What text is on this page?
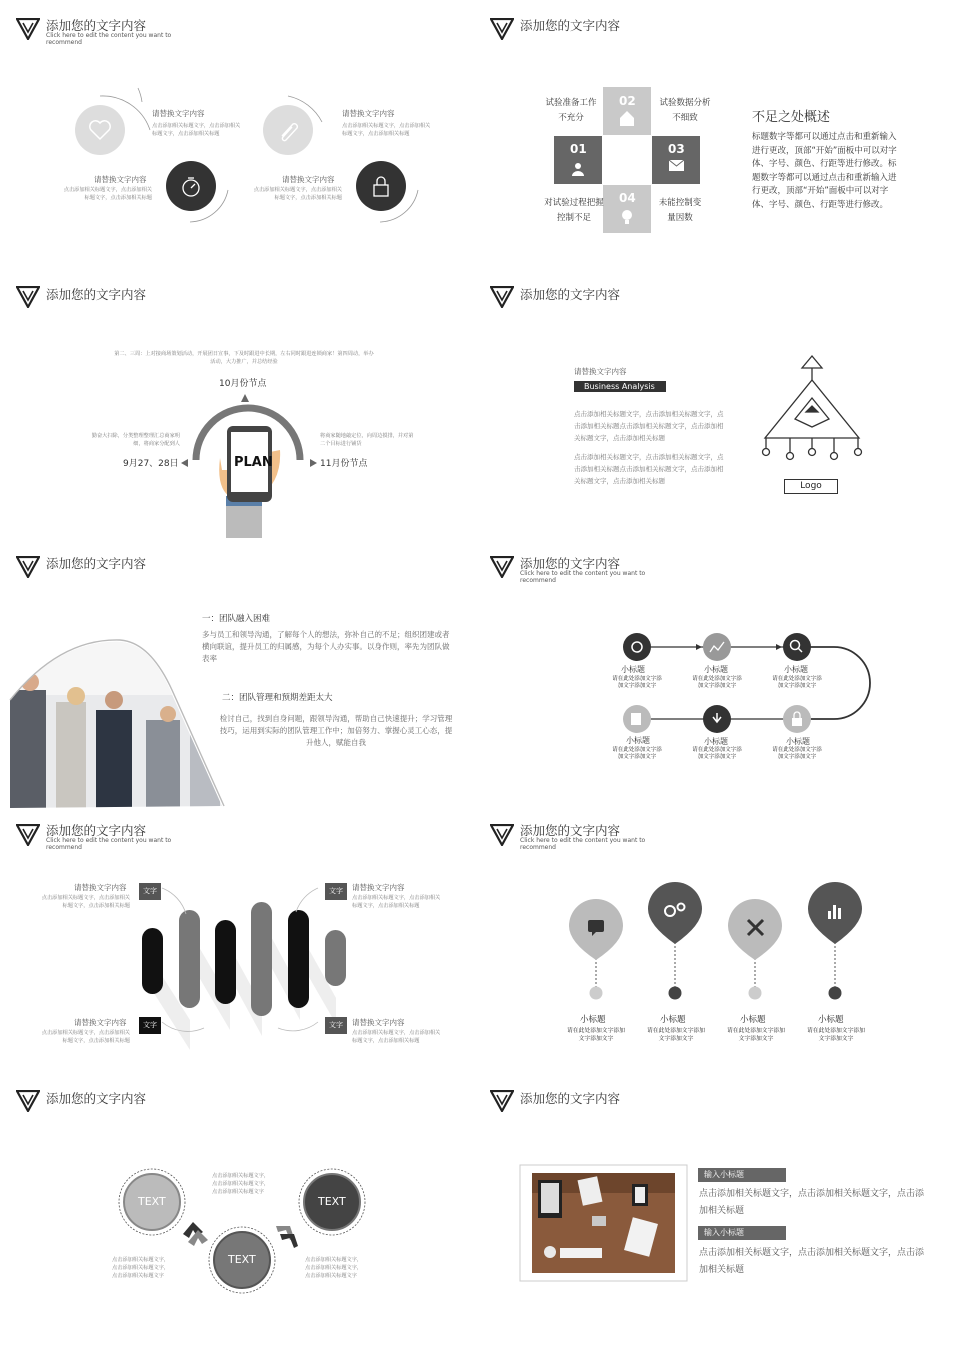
添加您的文字内容
Click here to edit the content you want to recommend
请替换文字内容
点击添加相关标题文字，点击添加相关标题文字，点击添加相关标题
请替换文字内容
点击添加相关标题文字，点击添加相关标题文字，点击添加相关标题
请替换文字内容
点击添加相关标题文字，点击添加相关标题文字，点击添加相关标题
请替换文字内容
点击添加相关标题文字，点击添加相关标题文字，点击添加相关标题
添加您的文字内容
02
01	03
04
试验准备工作不充分
试验数据分析不细致
对试验过程把握控制不足
未能控制变量因数
不足之处概述
标题数字等都可以通过点击和重新输入进行更改，顶部“开始”面板中可以对字体、字号、颜色、行距等进行修改。标题数字等都可以通过点击和重新输入进行更改，顶部“开始”面板中可以对字体、字号、颜色、行距等进行修改。
添加您的文字内容
第二、三周：上对接商场策划活动，开展团日宣事，下及时跟进中长期，左右同时跟进连锁商家！第四周动，举办活动，大力推广，并总结经验
10月份节点
9月27、28日	11月份节点
勤奋大扫除，分类整理整理汇总商家明细，将商家分配到人
将商家随地敲定位，向周边摸排，并对第二个目标进行铺货
PLAN
添加您的文字内容
请替换文字内容
Business Analysis
点击添加相关标题文字，点击添加相关标题文字，点击添加相关标题点击添加相关标题文字，点击添加相关标题文字，点击添加相关标题
点击添加相关标题文字，点击添加相关标题文字，点击添加相关标题点击添加相关标题文字，点击添加相关标题文字，点击添加相关标题	Logo
添加您的文字内容
一：团队融入困难
多与员工和领导沟通，了解每个人的想法，弥补自己的不足；组织团建或者横向联谊，提升员工的归属感，为每个人办实事。以身作则，率先为团队做表率
二：团队管理和预期差距太大
检讨自己，找到自身问题，跟领导沟通，帮助自己快速提升；学习管理技巧，运用到实际的团队管理工作中；加倍努力、掌握心灵工心态，提升他人，赋能自我
添加您的文字内容
Click here to edit the content you want to recommend
小标题
请在此处添加文字添加文字添加文字
小标题
请在此处添加文字添加文字添加文字
小标题
请在此处添加文字添加文字添加文字
小标题
请在此处添加文字添加文字添加文字
小标题
请在此处添加文字添加文字添加文字
小标题
请在此处添加文字添加文字添加文字
添加您的文字内容
Click here to edit the content you want to recommend
文字
请替换文字内容
点击添加相关标题文字，点击添加相关标题文字，点击添加相关标题
文字
请替换文字内容
点击添加相关标题文字，点击添加相关标题文字，点击添加相关标题
文字	请替换文字内容
点击添加相关标题文字，点击添加相关标题文字，点击添加相关标题
文字	请替换文字内容
点击添加相关标题文字，点击添加相关标题文字，点击添加相关标题
添加您的文字内容
Click here to edit the content you want to recommend
小标题
请在此处添加文字添加文字添加文字
小标题
请在此处添加文字添加文字添加文字
小标题
请在此处添加文字添加文字添加文字
小标题
请在此处添加文字添加文字添加文字
添加您的文字内容
TEXT	TEXT
TEXT
点击添加相关标题文字，点击添加相关标题文字，点击添加相关标题文字
点击添加相关标题文字，点击添加相关标题文字，点击添加相关标题文字
点击添加相关标题文字，点击添加相关标题文字，点击添加相关标题文字
添加您的文字内容
输入小标题
点击添加相关标题文字，点击添加相关标题文字，点击添加相关标题
输入小标题
点击添加相关标题文字，点击添加相关标题文字，点击添加相关标题
